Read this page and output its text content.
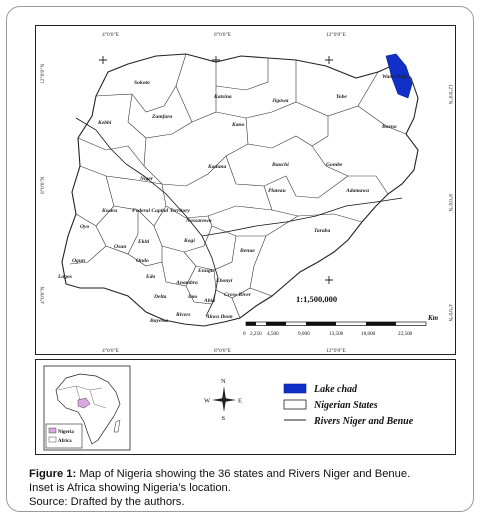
4°0'0"E	8°0'0"E	12°0'0"E
4°0'0"E	8°0'0"E	12°0'0"E
12°0'0"N
8°0'0"N
4°0'0"N
12°0'0"N
8°0'0"N
4°0'0"N
Sokoto
Kebbi
Zamfara
Katsina
Jigawa
Yobe
Kano	Borno
Kaduna	Bauchi	Gombe
Niger
Plateau	Adamawa
Kwara	Federal Capital Territory
Nassarawa
Taraba
Oyo
Osun
Ekiti	Kogi
Benue
Ogun	Ondo
Edo
Lagos
Enugu
Ebonyi
Anambra
Delta	Imo
Abia
Cross River
Rivers	Akwa Ibom
Bayelsa
Water body
1:1,500,000
Km
0 2,250 4,500	9,000	13,500	18,000	22,500
Nigeria
Africa
N
S
W	E
Lake chad
Nigerian States
Rivers Niger and Benue
Figure 1: Map of Nigeria showing the 36 states and Rivers Niger and Benue.
Inset is Africa showing Nigeria’s location.
Source: Drafted by the authors.
